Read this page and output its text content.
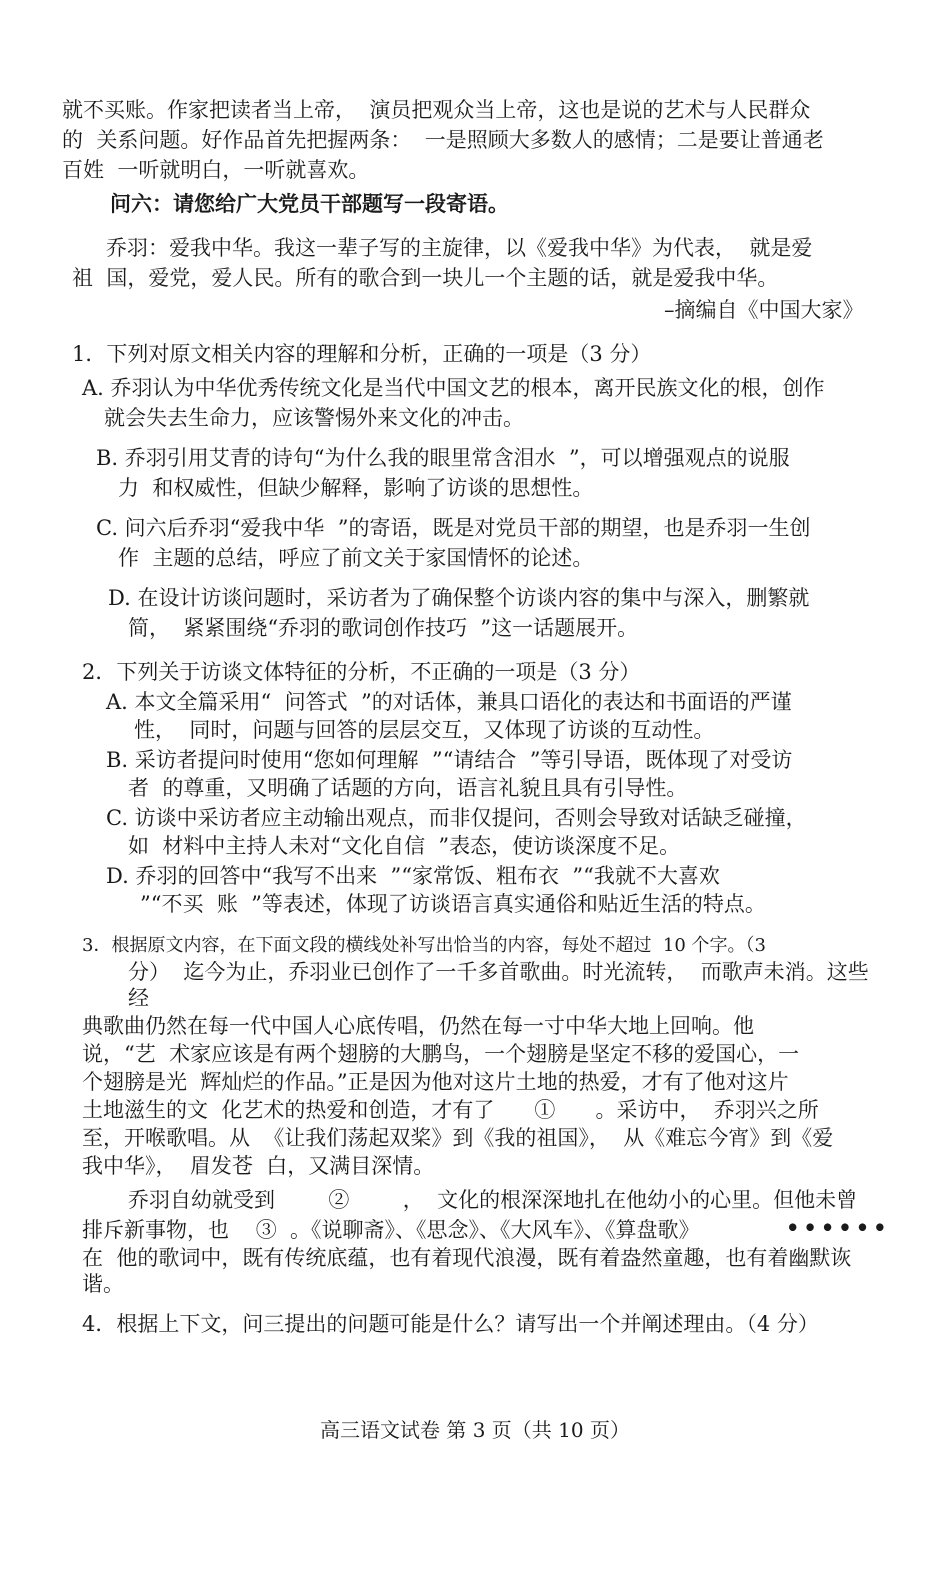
就不买账。作家把读者当上帝，  演员把观众当上帝，这也是说的艺术与人民群众
的  关系问题。好作品首先把握两条：  一是照顾大多数人的感情；二是要让普通老
百姓  一听就明白，一听就喜欢。
问六：请您给广大党员干部题写一段寄语。
乔羽：爱我中华。我这一辈子写的主旋律，以《爱我中华》为代表，  就是爱
祖  国，爱党，爱人民。所有的歌合到一块儿一个主题的话，就是爱我中华。
–摘编自《中国大家》
1．下列对原文相关内容的理解和分析，正确的一项是（3 分）
A. 乔羽认为中华优秀传统文化是当代中国文艺的根本，离开民族文化的根，创作
就会失去生命力，应该警惕外来文化的冲击。
B. 乔羽引用艾青的诗句“为什么我的眼里常含泪水  ”，可以增强观点的说服
力  和权威性，但缺少解释，影响了访谈的思想性。
C. 问六后乔羽“爱我中华  ”的寄语，既是对党员干部的期望，也是乔羽一生创
作  主题的总结，呼应了前文关于家国情怀的论述。
D. 在设计访谈问题时，采访者为了确保整个访谈内容的集中与深入，删繁就
简，  紧紧围绕“乔羽的歌词创作技巧  ”这一话题展开。
2．下列关于访谈文体特征的分析，不正确的一项是（3 分）
A. 本文全篇采用“  问答式  ”的对话体，兼具口语化的表达和书面语的严谨
性，  同时，问题与回答的层层交互，又体现了访谈的互动性。
B. 采访者提问时使用“您如何理解  ”“请结合  ”等引导语，既体现了对受访
者  的尊重，又明确了话题的方向，语言礼貌且具有引导性。
C. 访谈中采访者应主动输出观点，而非仅提问，否则会导致对话缺乏碰撞，
如  材料中主持人未对“文化自信  ”表态，使访谈深度不足。
D. 乔羽的回答中“我写不出来  ”“家常饭、粗布衣  ”“我就不大喜欢
”“不买  账  ”等表述，体现了访谈语言真实通俗和贴近生活的特点。
3．根据原文内容，在下面文段的横线处补写出恰当的内容，每处不超过  10 个字。（3
分）  迄今为止，乔羽业已创作了一千多首歌曲。时光流转，  而歌声未消。这些
经
典歌曲仍然在每一代中国人心底传唱，仍然在每一寸中华大地上回响。他
说，“艺  术家应该是有两个翅膀的大鹏鸟，一个翅膀是坚定不移的爱国心，一
个翅膀是光  辉灿烂的作品。”正是因为他对这片土地的热爱，才有了他对这片
土地滋生的文  化艺术的热爱和创造，才有了      ①      。采访中，  乔羽兴之所
至，开喉歌唱。从  《让我们荡起双桨》到《我的祖国》，  从《难忘今宵》到《爱
我中华》，  眉发苍  白，又满目深情。
乔羽自幼就受到        ②        ，  文化的根深深地扎在他幼小的心里。但他未曾
排斥新事物，也    ③  。《说聊斋》、《思念》、《大风车》、《算盘歌》	••••••
在  他的歌词中，既有传统底蕴，也有着现代浪漫，既有着盎然童趣，也有着幽默诙
谐。
4．根据上下文，问三提出的问题可能是什么？请写出一个并阐述理由。（4 分）
高三语文试卷 第 3 页（共 10 页）
